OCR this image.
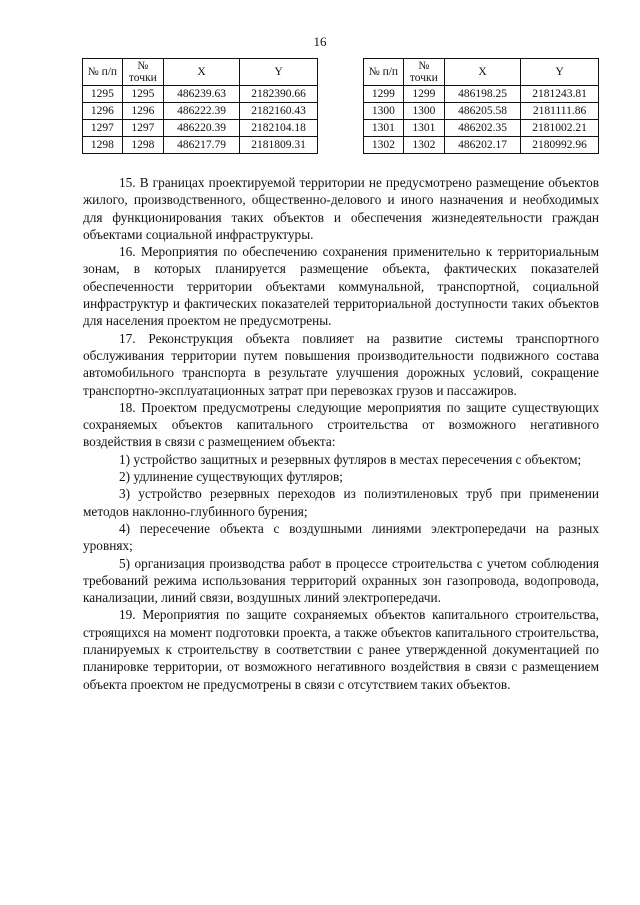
16
№ п/п	№ точки	X	Y
1295	1295	486239.63	2182390.66
1296	1296	486222.39	2182160.43
1297	1297	486220.39	2182104.18
1298	1298	486217.79	2181809.31
№ п/п	№ точки	X	Y
1299	1299	486198.25	2181243.81
1300	1300	486205.58	2181111.86
1301	1301	486202.35	2181002.21
1302	1302	486202.17	2180992.96

15. В границах проектируемой территории не предусмотрено размещение объектов жилого, производственного, общественно-делового и иного назначения и необходимых для функционирования таких объектов и обеспечения жизнедеятельности граждан объектами социальной инфраструктуры.

16. Мероприятия по обеспечению сохранения применительно к территориальным зонам, в которых планируется размещение объекта, фактических показателей обеспеченности территории объектами коммунальной, транспортной, социальной инфраструктур и фактических показателей территориальной доступности таких объектов для населения проектом не предусмотрены.

17. Реконструкция объекта повлияет на развитие системы транспортного обслуживания территории путем повышения производительности подвижного состава автомобильного транспорта в результате улучшения дорожных условий, сокращение транспортно-эксплуатационных затрат при перевозках грузов и пассажиров.

18. Проектом предусмотрены следующие мероприятия по защите существующих сохраняемых объектов капитального строительства от возможного негативного воздействия в связи с размещением объекта:

1) устройство защитных и резервных футляров в местах пересечения с объектом;

2) удлинение существующих футляров;

3) устройство резервных переходов из полиэтиленовых труб при применении методов наклонно-глубинного бурения;

4) пересечение объекта с воздушными линиями электропередачи на разных уровнях;

5) организация производства работ в процессе строительства с учетом соблюдения требований режима использования территорий охранных зон газопровода, водопровода, канализации, линий связи, воздушных линий электропередачи.

19. Мероприятия по защите сохраняемых объектов капитального строительства, строящихся на момент подготовки проекта, а также объектов капитального строительства, планируемых к строительству в соответствии с ранее утвержденной документацией по планировке территории, от возможного негативного воздействия в связи с размещением объекта проектом не предусмотрены в связи с отсутствием таких объектов.
